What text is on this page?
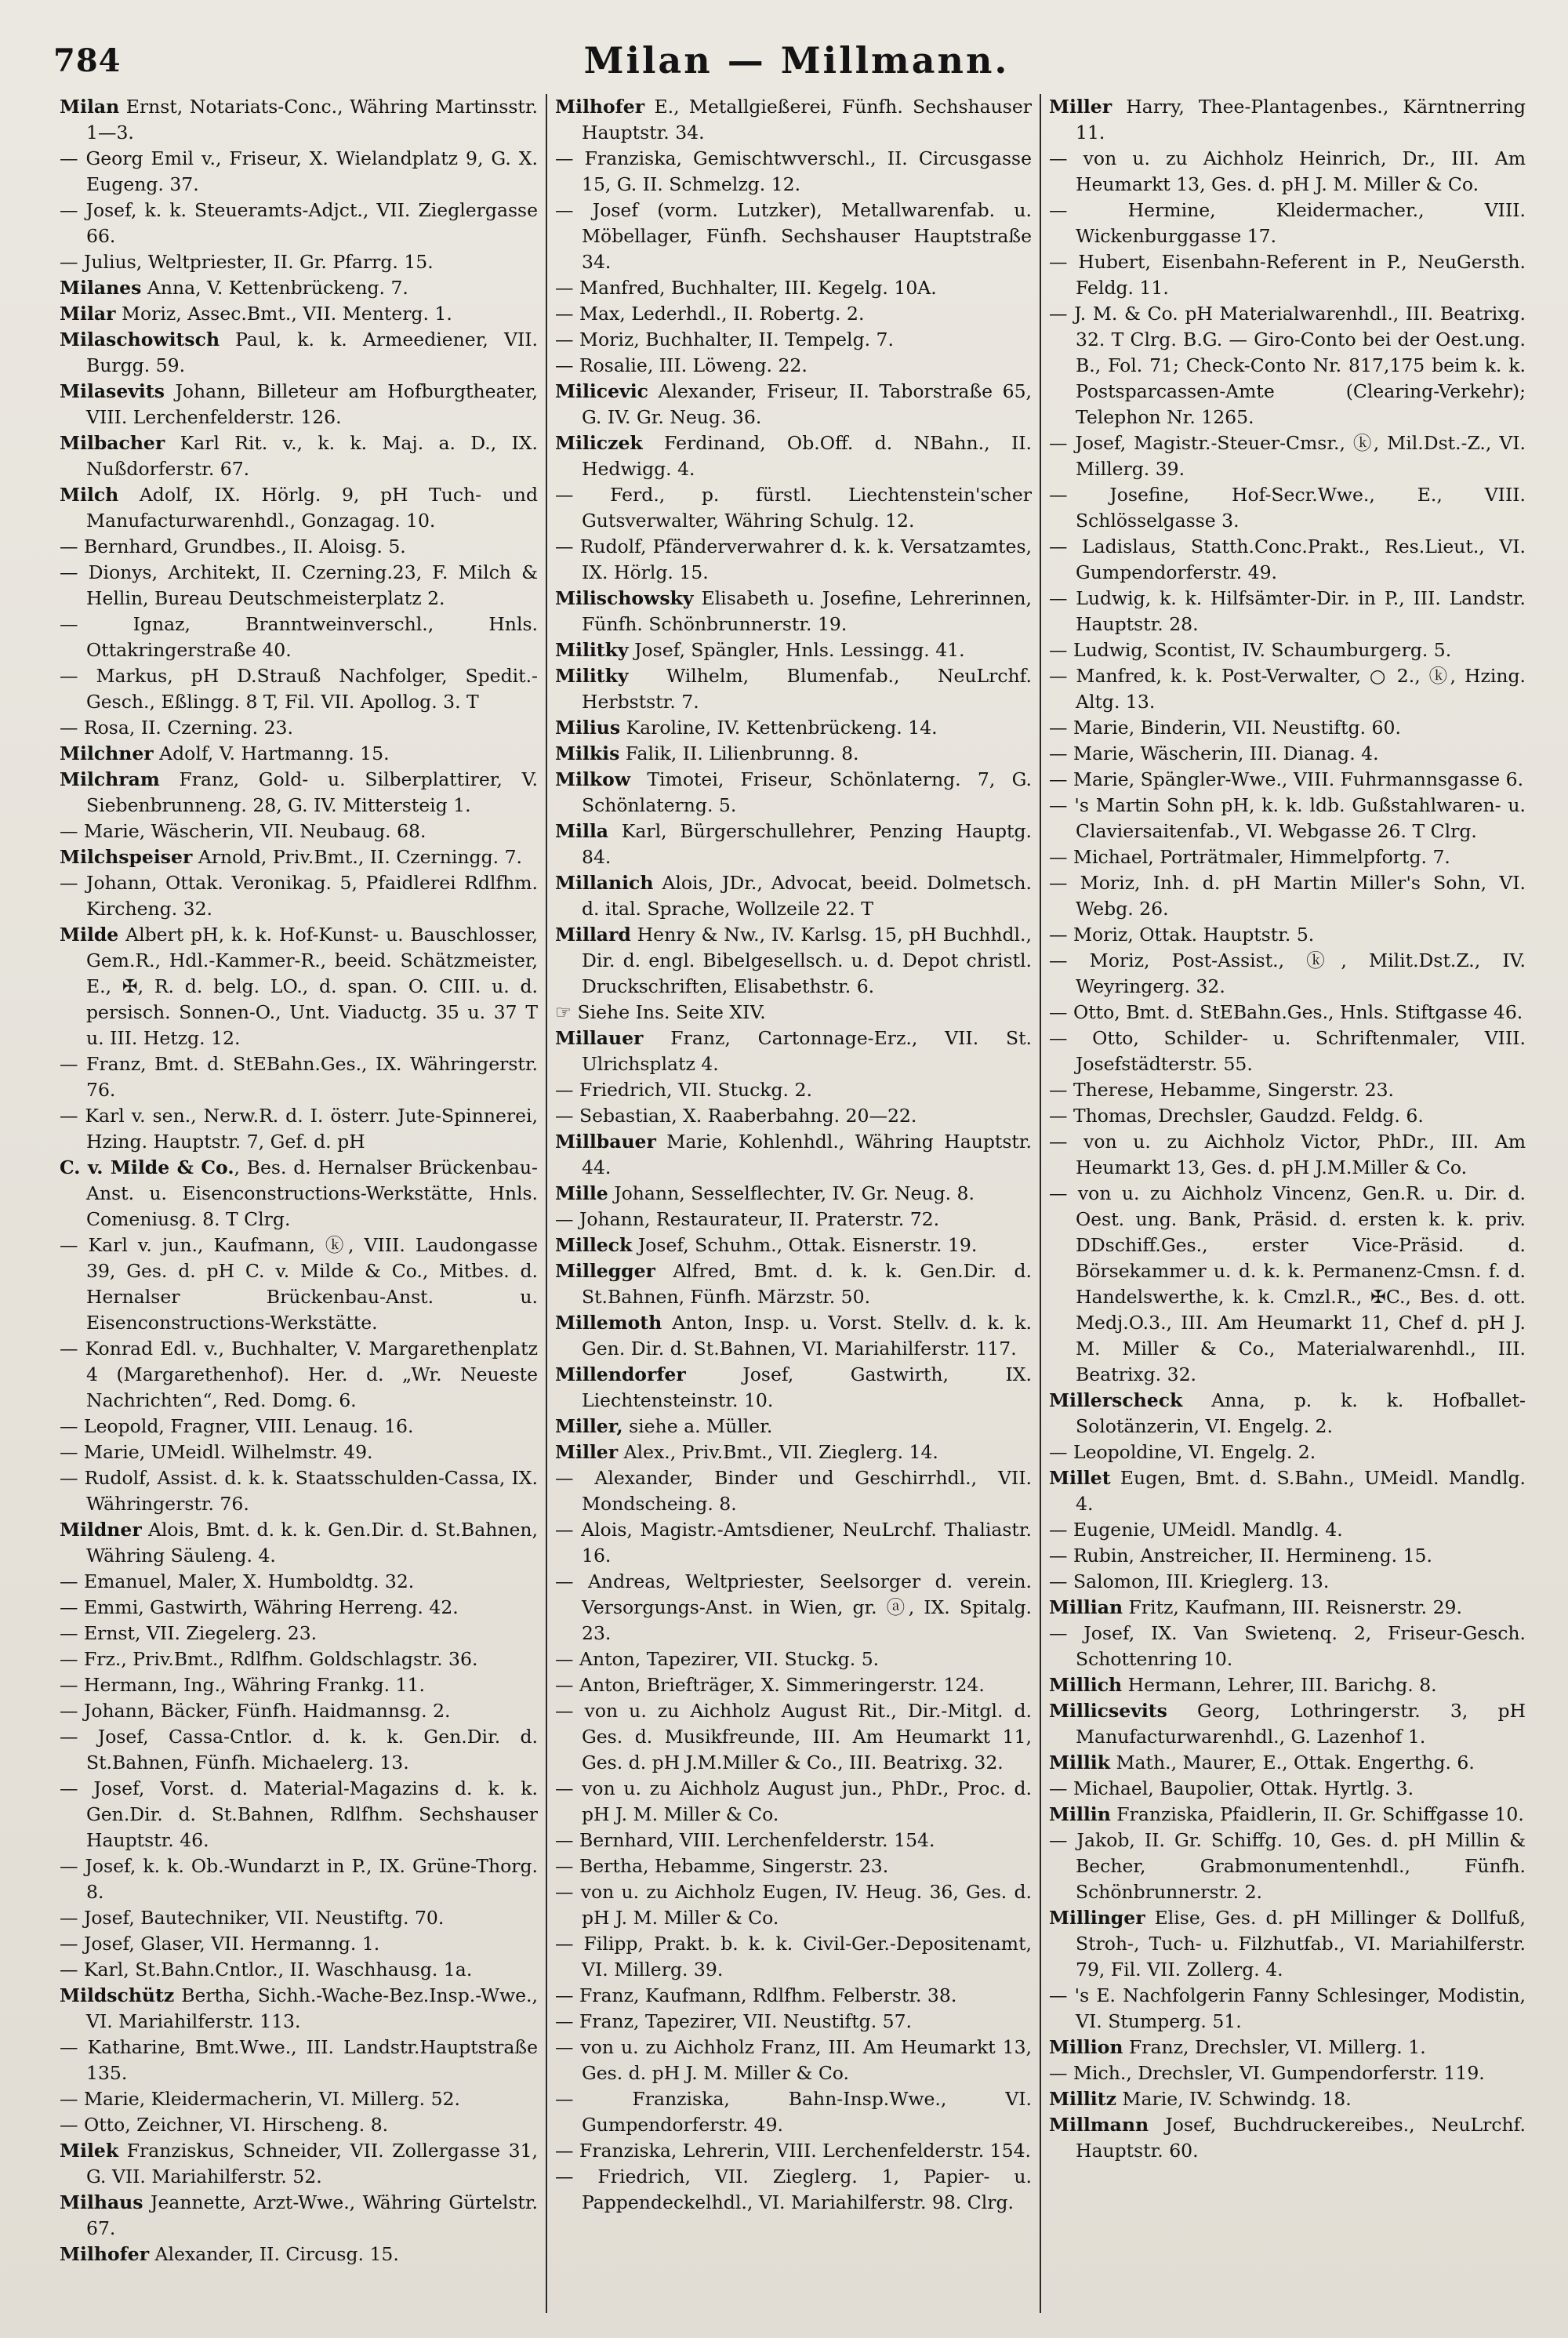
784	Milan — Millmann.

Milan Ernst, Notariats-Conc., Währing Martinsstr. 1—3.

— Georg Emil v., Friseur, X. Wielandplatz 9, G. X. Eugeng. 37.

— Josef, k. k. Steueramts-Adjct., VII. Zieglergasse 66.

— Julius, Weltpriester, II. Gr. Pfarrg. 15.

Milanes Anna, V. Kettenbrückeng. 7.

Milar Moriz, Assec.Bmt., VII. Menterg. 1.

Milaschowitsch Paul, k. k. Armeediener, VII. Burgg. 59.

Milasevits Johann, Billeteur am Hofburgtheater, VIII. Lerchenfelderstr. 126.

Milbacher Karl Rit. v., k. k. Maj. a. D., IX. Nußdorferstr. 67.

Milch Adolf, IX. Hörlg. 9, pH Tuch- und Manufacturwarenhdl., Gonzagag. 10.

— Bernhard, Grundbes., II. Aloisg. 5.

— Dionys, Architekt, II. Czerning.23, F. Milch & Hellin, Bureau Deutschmeisterplatz 2.

— Ignaz, Branntweinverschl., Hnls. Ottakringerstraße 40.

— Markus, pH D.Strauß Nachfolger, Spedit.-Gesch., Eßlingg. 8 T, Fil. VII. Apollog. 3. T

— Rosa, II. Czerning. 23.

Milchner Adolf, V. Hartmanng. 15.

Milchram Franz, Gold- u. Silberplattirer, V. Siebenbrunneng. 28, G. IV. Mittersteig 1.

— Marie, Wäscherin, VII. Neubaug. 68.

Milchspeiser Arnold, Priv.Bmt., II. Czerningg. 7.

— Johann, Ottak. Veronikag. 5, Pfaidlerei Rdlfhm. Kircheng. 32.

Milde Albert pH, k. k. Hof-Kunst- u. Bauschlosser, Gem.R., Hdl.-Kammer-R., beeid. Schätzmeister, E., ✠, R. d. belg. LO., d. span. O. CIII. u. d. persisch. Sonnen-O., Unt. Viaductg. 35 u. 37 T u. III. Hetzg. 12.

— Franz, Bmt. d. StEBahn.Ges., IX. Währingerstr. 76.

— Karl v. sen., Nerw.R. d. I. österr. Jute-Spinnerei, Hzing. Hauptstr. 7, Gef. d. pH

C. v. Milde & Co., Bes. d. Hernalser Brückenbau-Anst. u. Eisenconstructions-Werkstätte, Hnls. Comeniusg. 8. T Clrg.

— Karl v. jun., Kaufmann, ⓚ, VIII. Laudongasse 39, Ges. d. pH C. v. Milde & Co., Mitbes. d. Hernalser Brückenbau-Anst. u. Eisenconstructions-Werkstätte.

— Konrad Edl. v., Buchhalter, V. Margarethenplatz 4 (Margarethenhof). Her. d. „Wr. Neueste Nachrichten“, Red. Domg. 6.

— Leopold, Fragner, VIII. Lenaug. 16.

— Marie, UMeidl. Wilhelmstr. 49.

— Rudolf, Assist. d. k. k. Staatsschulden-Cassa, IX. Währingerstr. 76.

Mildner Alois, Bmt. d. k. k. Gen.Dir. d. St.Bahnen, Währing Säuleng. 4.

— Emanuel, Maler, X. Humboldtg. 32.

— Emmi, Gastwirth, Währing Herreng. 42.

— Ernst, VII. Ziegelerg. 23.

— Frz., Priv.Bmt., Rdlfhm. Goldschlagstr. 36.

— Hermann, Ing., Währing Frankg. 11.

— Johann, Bäcker, Fünfh. Haidmannsg. 2.

— Josef, Cassa-Cntlor. d. k. k. Gen.Dir. d. St.Bahnen, Fünfh. Michaelerg. 13.

— Josef, Vorst. d. Material-Magazins d. k. k. Gen.Dir. d. St.Bahnen, Rdlfhm. Sechshauser Hauptstr. 46.

— Josef, k. k. Ob.-Wundarzt in P., IX. Grüne-Thorg. 8.

— Josef, Bautechniker, VII. Neustiftg. 70.

— Josef, Glaser, VII. Hermanng. 1.

— Karl, St.Bahn.Cntlor., II. Waschhausg. 1a.

Mildschütz Bertha, Sichh.-Wache-Bez.Insp.-Wwe., VI. Mariahilferstr. 113.

— Katharine, Bmt.Wwe., III. Landstr.Hauptstraße 135.

— Marie, Kleidermacherin, VI. Millerg. 52.

— Otto, Zeichner, VI. Hirscheng. 8.

Milek Franziskus, Schneider, VII. Zollergasse 31, G. VII. Mariahilferstr. 52.

Milhaus Jeannette, Arzt-Wwe., Währing Gürtelstr. 67.

Milhofer Alexander, II. Circusg. 15.

Milhofer E., Metallgießerei, Fünfh. Sechshauser Hauptstr. 34.

— Franziska, Gemischtwverschl., II. Circusgasse 15, G. II. Schmelzg. 12.

— Josef (vorm. Lutzker), Metallwarenfab. u. Möbellager, Fünfh. Sechshauser Hauptstraße 34.

— Manfred, Buchhalter, III. Kegelg. 10A.

— Max, Lederhdl., II. Robertg. 2.

— Moriz, Buchhalter, II. Tempelg. 7.

— Rosalie, III. Löweng. 22.

Milicevic Alexander, Friseur, II. Taborstraße 65, G. IV. Gr. Neug. 36.

Miliczek Ferdinand, Ob.Off. d. NBahn., II. Hedwigg. 4.

— Ferd., p. fürstl. Liechtenstein'scher Gutsverwalter, Währing Schulg. 12.

— Rudolf, Pfänderverwahrer d. k. k. Versatzamtes, IX. Hörlg. 15.

Milischowsky Elisabeth u. Josefine, Lehrerinnen, Fünfh. Schönbrunnerstr. 19.

Militky Josef, Spängler, Hnls. Lessingg. 41.

Militky Wilhelm, Blumenfab., NeuLrchf. Herbststr. 7.

Milius Karoline, IV. Kettenbrückeng. 14.

Milkis Falik, II. Lilienbrunng. 8.

Milkow Timotei, Friseur, Schönlaterng. 7, G. Schönlaterng. 5.

Milla Karl, Bürgerschullehrer, Penzing Hauptg. 84.

Millanich Alois, JDr., Advocat, beeid. Dolmetsch. d. ital. Sprache, Wollzeile 22. T

Millard Henry & Nw., IV. Karlsg. 15, pH Buchhdl., Dir. d. engl. Bibelgesellsch. u. d. Depot christl. Druckschriften, Elisabethstr. 6.

☞ Siehe Ins. Seite XIV.

Millauer Franz, Cartonnage-Erz., VII. St. Ulrichsplatz 4.

— Friedrich, VII. Stuckg. 2.

— Sebastian, X. Raaberbahng. 20—22.

Millbauer Marie, Kohlenhdl., Währing Hauptstr. 44.

Mille Johann, Sesselflechter, IV. Gr. Neug. 8.

— Johann, Restaurateur, II. Praterstr. 72.

Milleck Josef, Schuhm., Ottak. Eisnerstr. 19.

Millegger Alfred, Bmt. d. k. k. Gen.Dir. d. St.Bahnen, Fünfh. Märzstr. 50.

Millemoth Anton, Insp. u. Vorst. Stellv. d. k. k. Gen. Dir. d. St.Bahnen, VI. Mariahilferstr. 117.

Millendorfer Josef, Gastwirth, IX. Liechtensteinstr. 10.

Miller, siehe a. Müller.

Miller Alex., Priv.Bmt., VII. Zieglerg. 14.

— Alexander, Binder und Geschirrhdl., VII. Mondscheing. 8.

— Alois, Magistr.-Amtsdiener, NeuLrchf. Thaliastr. 16.

— Andreas, Weltpriester, Seelsorger d. verein. Versorgungs-Anst. in Wien, gr. ⓐ, IX. Spitalg. 23.

— Anton, Tapezirer, VII. Stuckg. 5.

— Anton, Briefträger, X. Simmeringerstr. 124.

— von u. zu Aichholz August Rit., Dir.-Mitgl. d. Ges. d. Musikfreunde, III. Am Heumarkt 11, Ges. d. pH J.M.Miller & Co., III. Beatrixg. 32.

— von u. zu Aichholz August jun., PhDr., Proc. d. pH J. M. Miller & Co.

— Bernhard, VIII. Lerchenfelderstr. 154.

— Bertha, Hebamme, Singerstr. 23.

— von u. zu Aichholz Eugen, IV. Heug. 36, Ges. d. pH J. M. Miller & Co.

— Filipp, Prakt. b. k. k. Civil-Ger.-Depositenamt, VI. Millerg. 39.

— Franz, Kaufmann, Rdlfhm. Felberstr. 38.

— Franz, Tapezirer, VII. Neustiftg. 57.

— von u. zu Aichholz Franz, III. Am Heumarkt 13, Ges. d. pH J. M. Miller & Co.

— Franziska, Bahn-Insp.Wwe., VI. Gumpendorferstr. 49.

— Franziska, Lehrerin, VIII. Lerchenfelderstr. 154.

— Friedrich, VII. Zieglerg. 1, Papier- u. Pappendeckelhdl., VI. Mariahilferstr. 98. Clrg.

Miller Harry, Thee-Plantagenbes., Kärntnerring 11.

— von u. zu Aichholz Heinrich, Dr., III. Am Heumarkt 13, Ges. d. pH J. M. Miller & Co.

— Hermine, Kleidermacher., VIII. Wickenburggasse 17.

— Hubert, Eisenbahn-Referent in P., NeuGersth. Feldg. 11.

— J. M. & Co. pH Materialwarenhdl., III. Beatrixg. 32. T Clrg. B.G. — Giro-Conto bei der Oest.ung. B., Fol. 71; Check-Conto Nr. 817,175 beim k. k. Postsparcassen-Amte (Clearing-Verkehr); Telephon Nr. 1265.

— Josef, Magistr.-Steuer-Cmsr., ⓚ, Mil.Dst.-Z., VI. Millerg. 39.

— Josefine, Hof-Secr.Wwe., E., VIII. Schlösselgasse 3.

— Ladislaus, Statth.Conc.Prakt., Res.Lieut., VI. Gumpendorferstr. 49.

— Ludwig, k. k. Hilfsämter-Dir. in P., III. Landstr. Hauptstr. 28.

— Ludwig, Scontist, IV. Schaumburgerg. 5.

— Manfred, k. k. Post-Verwalter, ○ 2., ⓚ, Hzing. Altg. 13.

— Marie, Binderin, VII. Neustiftg. 60.

— Marie, Wäscherin, III. Dianag. 4.

— Marie, Spängler-Wwe., VIII. Fuhrmannsgasse 6.

— 's Martin Sohn pH, k. k. ldb. Gußstahlwaren- u. Claviersaitenfab., VI. Webgasse 26. T Clrg.

— Michael, Porträtmaler, Himmelpfortg. 7.

— Moriz, Inh. d. pH Martin Miller's Sohn, VI. Webg. 26.

— Moriz, Ottak. Hauptstr. 5.

— Moriz, Post-Assist., ⓚ, Milit.Dst.Z., IV. Weyringerg. 32.

— Otto, Bmt. d. StEBahn.Ges., Hnls. Stiftgasse 46.

— Otto, Schilder- u. Schriftenmaler, VIII. Josefstädterstr. 55.

— Therese, Hebamme, Singerstr. 23.

— Thomas, Drechsler, Gaudzd. Feldg. 6.

— von u. zu Aichholz Victor, PhDr., III. Am Heumarkt 13, Ges. d. pH J.M.Miller & Co.

— von u. zu Aichholz Vincenz, Gen.R. u. Dir. d. Oest. ung. Bank, Präsid. d. ersten k. k. priv. DDschiff.Ges., erster Vice-Präsid. d. Börsekammer u. d. k. k. Permanenz-Cmsn. f. d. Handelswerthe, k. k. Cmzl.R., ✠C., Bes. d. ott. Medj.O.3., III. Am Heumarkt 11, Chef d. pH J. M. Miller & Co., Materialwarenhdl., III. Beatrixg. 32.

Millerscheck Anna, p. k. k. Hofballet-Solotänzerin, VI. Engelg. 2.

— Leopoldine, VI. Engelg. 2.

Millet Eugen, Bmt. d. S.Bahn., UMeidl. Mandlg. 4.

— Eugenie, UMeidl. Mandlg. 4.

— Rubin, Anstreicher, II. Hermineng. 15.

— Salomon, III. Krieglerg. 13.

Millian Fritz, Kaufmann, III. Reisnerstr. 29.

— Josef, IX. Van Swietenq. 2, Friseur-Gesch. Schottenring 10.

Millich Hermann, Lehrer, III. Barichg. 8.

Millicsevits Georg, Lothringerstr. 3, pH Manufacturwarenhdl., G. Lazenhof 1.

Millik Math., Maurer, E., Ottak. Engerthg. 6.

— Michael, Baupolier, Ottak. Hyrtlg. 3.

Millin Franziska, Pfaidlerin, II. Gr. Schiffgasse 10.

— Jakob, II. Gr. Schiffg. 10, Ges. d. pH Millin & Becher, Grabmonumentenhdl., Fünfh. Schönbrunnerstr. 2.

Millinger Elise, Ges. d. pH Millinger & Dollfuß, Stroh-, Tuch- u. Filzhutfab., VI. Mariahilferstr. 79, Fil. VII. Zollerg. 4.

— 's E. Nachfolgerin Fanny Schlesinger, Modistin, VI. Stumperg. 51.

Million Franz, Drechsler, VI. Millerg. 1.

— Mich., Drechsler, VI. Gumpendorferstr. 119.

Millitz Marie, IV. Schwindg. 18.

Millmann Josef, Buchdruckereibes., NeuLrchf. Hauptstr. 60.
